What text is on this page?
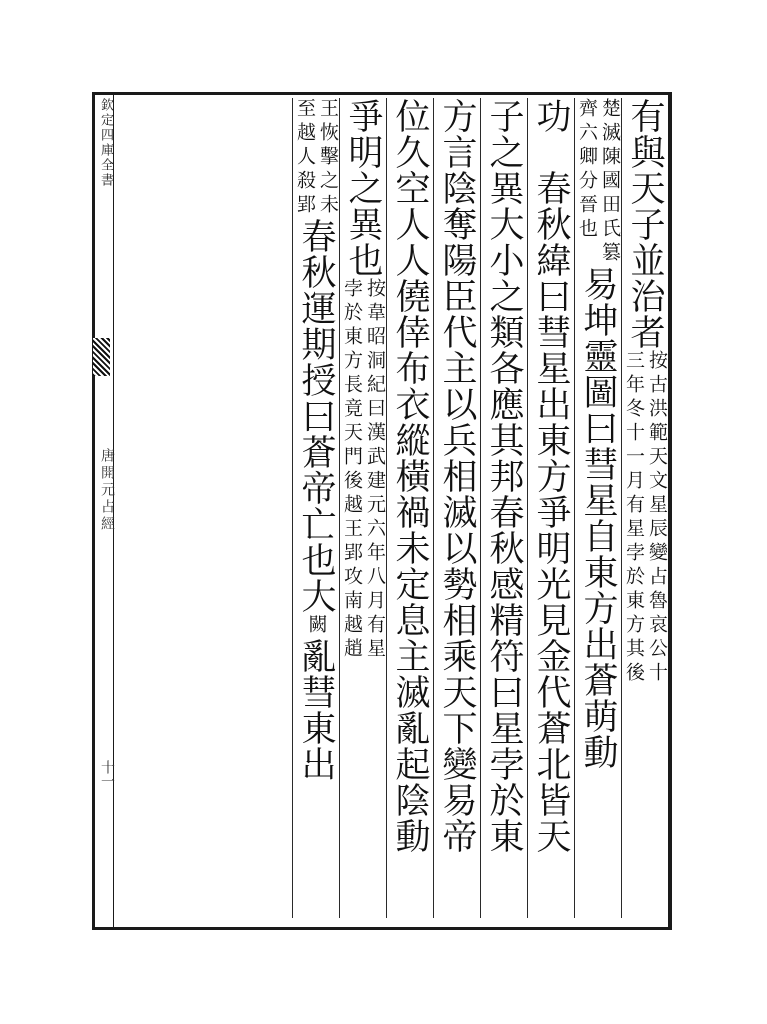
欽定四庫全書
唐開元占經
十一
有與天子並治者
按古洪範天文星辰變占魯哀公十
三年冬十一月有星孛於東方其後
楚滅陳國田氏篡
齊六卿分晉也
易坤靈圖曰彗星自東方出蒼萌動
功　春秋緯曰彗星出東方爭明光見金代蒼北皆天
子之異大小之類各應其邦春秋感精符曰星孛於東
方言陰奪陽臣代主以兵相滅以勢相乘天下變易帝
位久空人人僥倖布衣縱橫禍未定息主滅亂起陰動
爭明之異也
按韋昭洞紀曰漢武建元六年八月有星
孛於東方長竟天門後越王郢攻南越趙
王恢擊之未
至越人殺郢
春秋運期授曰蒼帝亡也大
闕
亂彗東出
